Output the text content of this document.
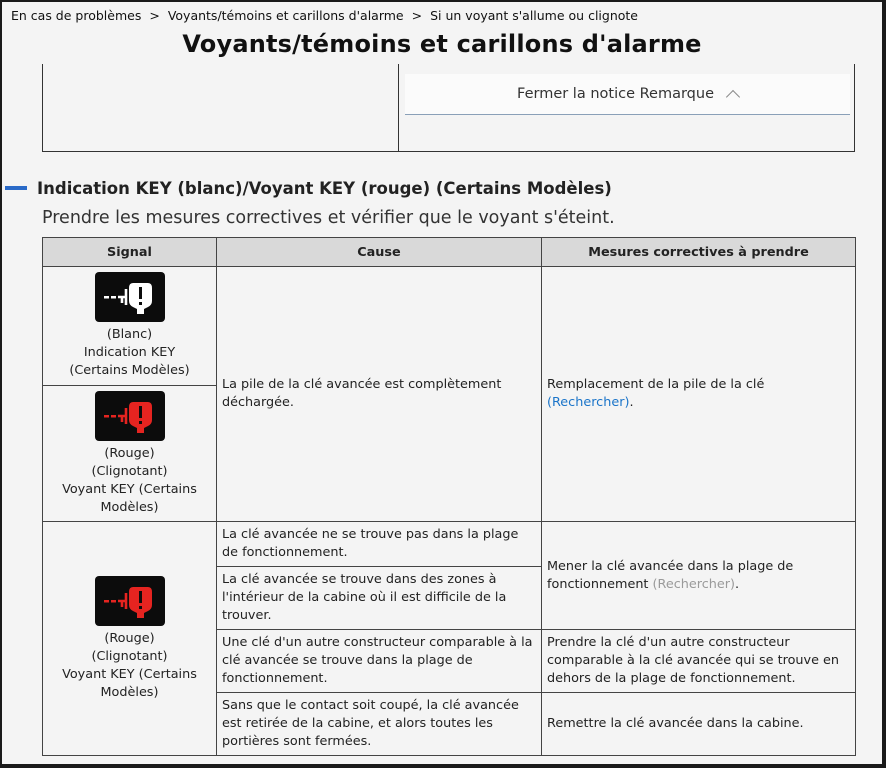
En cas de problèmes > Voyants/témoins et carillons d'alarme > Si un voyant s'allume ou clignote
Voyants/témoins et carillons d'alarme
Fermer la notice Remarque
Indication KEY (blanc)/Voyant KEY (rouge) (Certains Modèles)
Prendre les mesures correctives et vérifier que le voyant s'éteint.
Signal	Cause	Mesures correctives à prendre

(Blanc)
Indication KEY
(Certains Modèles)	La pile de la clé avancée est complètement déchargée.	Remplacement de la pile de la clé (Rechercher).

(Rouge)
(Clignotant)
Voyant KEY (Certains
Modèles)		

(Rouge)
(Clignotant)
Voyant KEY (Certains
Modèles)	La clé avancée ne se trouve pas dans la plage de fonctionnement.	Mener la clé avancée dans la plage de fonctionnement (Rechercher).
	La clé avancée se trouve dans des zones à l'intérieur de la cabine où il est difficile de la trouver.	
	Une clé d'un autre constructeur comparable à la clé avancée se trouve dans la plage de fonctionnement.	Prendre la clé d'un autre constructeur comparable à la clé avancée qui se trouve en dehors de la plage de fonctionnement.
	Sans que le contact soit coupé, la clé avancée est retirée de la cabine, et alors toutes les portières sont fermées.	Remettre la clé avancée dans la cabine.
